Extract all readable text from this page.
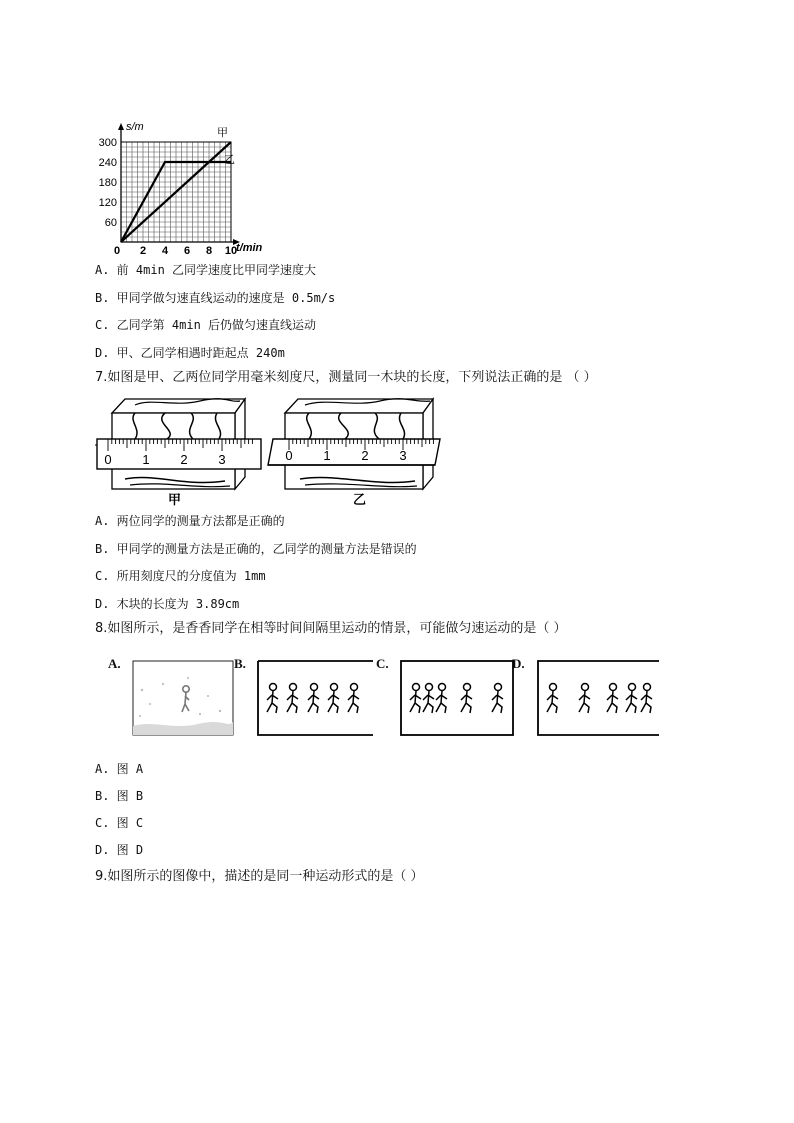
s/m
t/min
300
240
180
120
60
0 2 4 6 8 10
甲
乙
A. 前 4min 乙同学速度比甲同学速度大
B. 甲同学做匀速直线运动的速度是 0.5m/s
C. 乙同学第 4min 后仍做匀速直线运动
D. 甲、乙同学相遇时距起点 240m
7.如图是甲、乙两位同学用毫米刻度尺，测量同一木块的长度，下列说法正确的是 （ ）
0 1 2 3	0 1 2 3
甲	乙
A. 两位同学的测量方法都是正确的
B. 甲同学的测量方法是正确的，乙同学的测量方法是错误的
C. 所用刻度尺的分度值为 1mm
D. 木块的长度为 3.89cm
8.如图所示，是香香同学在相等时间间隔里运动的情景，可能做匀速运动的是（ ）
A.	B.	C.	D.
A. 图 A
B. 图 B
C. 图 C
D. 图 D
9.如图所示的图像中，描述的是同一种运动形式的是（ ）
